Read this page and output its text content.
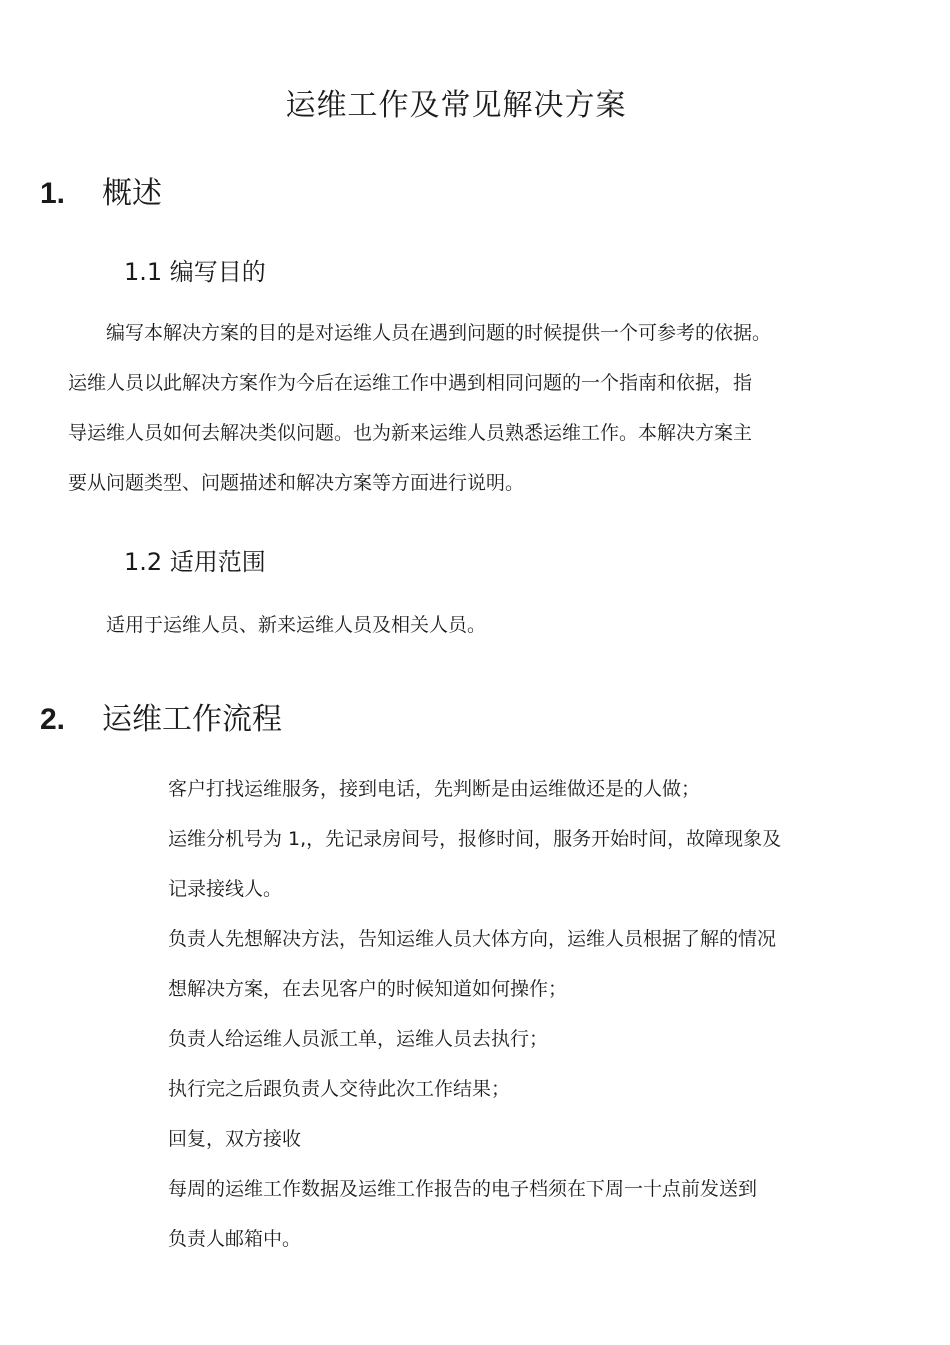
运维工作及常见解决方案
1.	概述
1.1 编写目的
编写本解决方案的目的是对运维人员在遇到问题的时候提供一个可参考的依据。
运维人员以此解决方案作为今后在运维工作中遇到相同问题的一个指南和依据，指
导运维人员如何去解决类似问题。也为新来运维人员熟悉运维工作。本解决方案主
要从问题类型、问题描述和解决方案等方面进行说明。
1.2 适用范围
适用于运维人员、新来运维人员及相关人员。
2.	运维工作流程
客户打找运维服务，接到电话，先判断是由运维做还是的人做；
运维分机号为 1,，先记录房间号，报修时间，服务开始时间，故障现象及
记录接线人。
负责人先想解决方法，告知运维人员大体方向，运维人员根据了解的情况
想解决方案，在去见客户的时候知道如何操作；
负责人给运维人员派工单，运维人员去执行；
执行完之后跟负责人交待此次工作结果；
回复，双方接收
每周的运维工作数据及运维工作报告的电子档须在下周一十点前发送到
负责人邮箱中。
